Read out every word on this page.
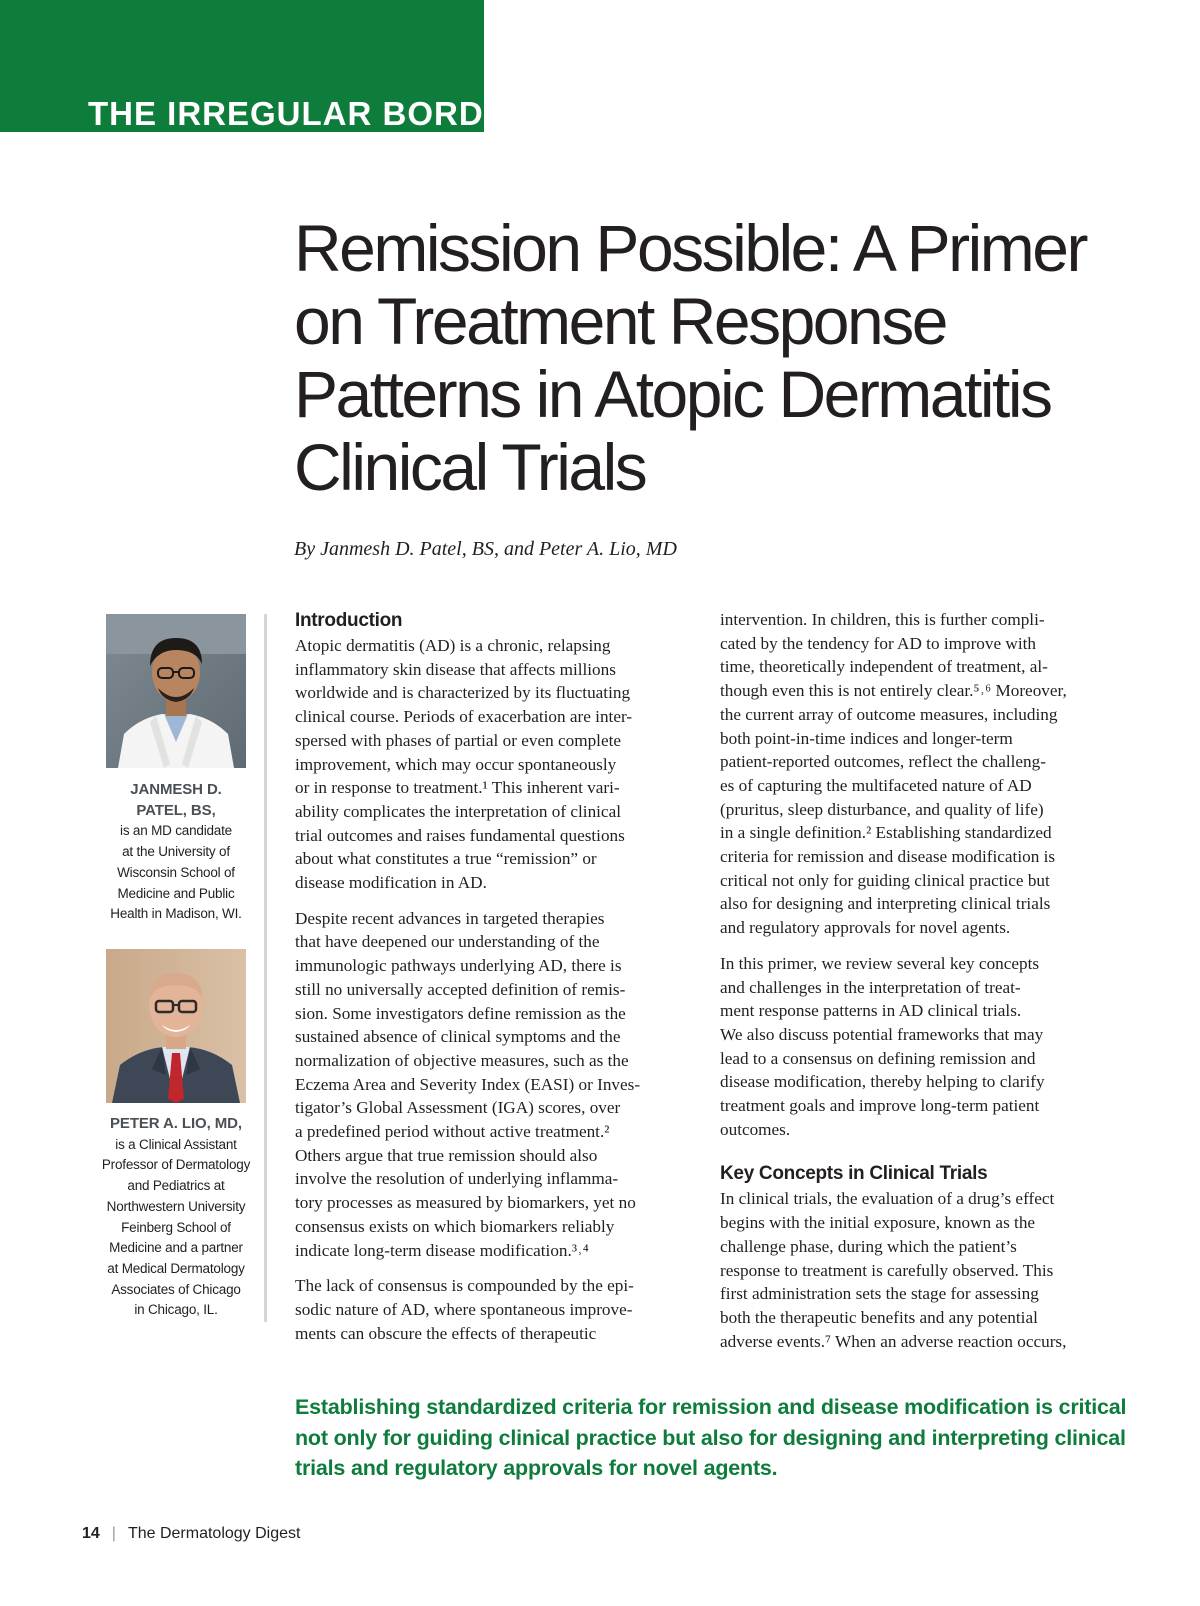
THE IRREGULAR BORDER

Remission Possible: A Primer
on Treatment Response
Patterns in Atopic Dermatitis
Clinical Trials

By Janmesh D. Patel, BS, and Peter A. Lio, MD

JANMESH D.
PATEL, BS,
is an MD candidate
at the University of
Wisconsin School of
Medicine and Public
Health in Madison, WI.

PETER A. LIO, MD,
is a Clinical Assistant
Professor of Dermatology
and Pediatrics at
Northwestern University
Feinberg School of
Medicine and a partner
at Medical Dermatology
Associates of Chicago
in Chicago, IL.

Introduction

Atopic dermatitis (AD) is a chronic, relapsing
inflammatory skin disease that affects millions
worldwide and is characterized by its fluctuating
clinical course. Periods of exacerbation are inter-
spersed with phases of partial or even complete
improvement, which may occur spontaneously
or in response to treatment.¹ This inherent vari-
ability complicates the interpretation of clinical
trial outcomes and raises fundamental questions
about what constitutes a true “remission” or
disease modification in AD.

Despite recent advances in targeted therapies
that have deepened our understanding of the
immunologic pathways underlying AD, there is
still no universally accepted definition of remis-
sion. Some investigators define remission as the
sustained absence of clinical symptoms and the
normalization of objective measures, such as the
Eczema Area and Severity Index (EASI) or Inves-
tigator’s Global Assessment (IGA) scores, over
a predefined period without active treatment.²
Others argue that true remission should also
involve the resolution of underlying inflamma-
tory processes as measured by biomarkers, yet no
consensus exists on which biomarkers reliably
indicate long-term disease modification.³˒⁴

The lack of consensus is compounded by the epi-
sodic nature of AD, where spontaneous improve-
ments can obscure the effects of therapeutic

intervention. In children, this is further compli-
cated by the tendency for AD to improve with
time, theoretically independent of treatment, al-
though even this is not entirely clear.⁵˒⁶ Moreover,
the current array of outcome measures, including
both point-in-time indices and longer-term
patient-reported outcomes, reflect the challeng-
es of capturing the multifaceted nature of AD
(pruritus, sleep disturbance, and quality of life)
in a single definition.² Establishing standardized
criteria for remission and disease modification is
critical not only for guiding clinical practice but
also for designing and interpreting clinical trials
and regulatory approvals for novel agents.

In this primer, we review several key concepts
and challenges in the interpretation of treat-
ment response patterns in AD clinical trials.
We also discuss potential frameworks that may
lead to a consensus on defining remission and
disease modification, thereby helping to clarify
treatment goals and improve long-term patient
outcomes.

Key Concepts in Clinical Trials

In clinical trials, the evaluation of a drug’s effect
begins with the initial exposure, known as the
challenge phase, during which the patient’s
response to treatment is carefully observed. This
first administration sets the stage for assessing
both the therapeutic benefits and any potential
adverse events.⁷ When an adverse reaction occurs,

Establishing standardized criteria for remission and disease modification is critical
not only for guiding clinical practice but also for designing and interpreting clinical
trials and regulatory approvals for novel agents.

14 | The Dermatology Digest
